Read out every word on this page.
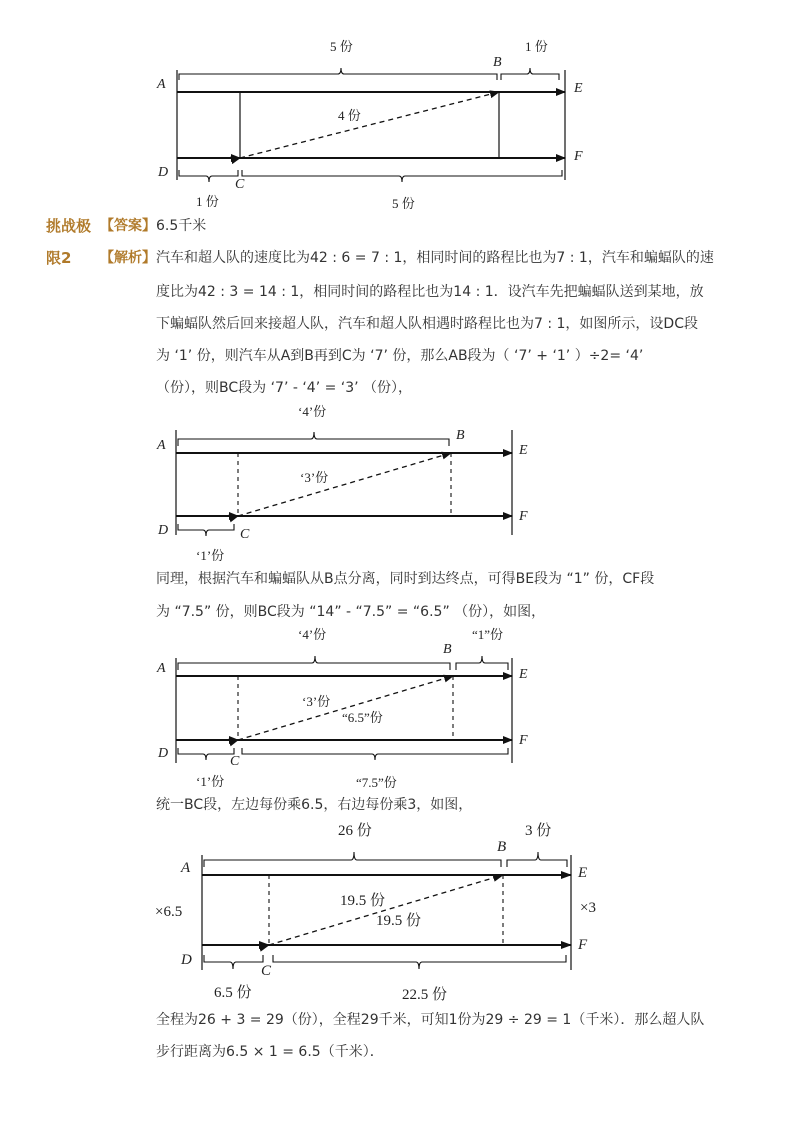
A
B
C
D
E
F
5 份	1 份
4 份
1 份	5 份
挑战极 【答案】 6.5千米
限2 【解析】 汽车和超人队的速度比为42 : 6 = 7 : 1，相同时间的路程比也为7 : 1，汽车和蝙蝠队的速
度比为42 : 3 = 14 : 1，相同时间的路程比也为14 : 1．设汽车先把蝙蝠队送到某地，放
下蝙蝠队然后回来接超人队，汽车和超人队相遇时路程比也为7 : 1，如图所示，设DC段
为 ‘1’ 份，则汽车从A到B再到C为 ‘7’ 份，那么AB段为（ ‘7’ + ‘1’ ）÷2= ‘4’
（份），则BC段为 ‘7’ - ‘4’ = ‘3’ （份），
A
B
C
D
E
F
‘4’份
‘3’份
‘1’份
同理，根据汽车和蝙蝠队从B点分离，同时到达终点，可得BE段为 “1” 份，CF段
为 “7.5” 份，则BC段为 “14” - “7.5” = “6.5” （份），如图，
A
B
C
D
E
F
‘4’份	“1”份
‘3’份
“6.5”份
‘1’份	“7.5”份
统一BC段，左边每份乘6.5，右边每份乘3，如图，
A
B
C
D
E
F
26 份	3 份
19.5 份
19.5 份
6.5 份	22.5 份
×6.5	×3
全程为26 + 3 = 29（份），全程29千米，可知1份为29 ÷ 29 = 1（千米）．那么超人队
步行距离为6.5 × 1 = 6.5（千米）．
